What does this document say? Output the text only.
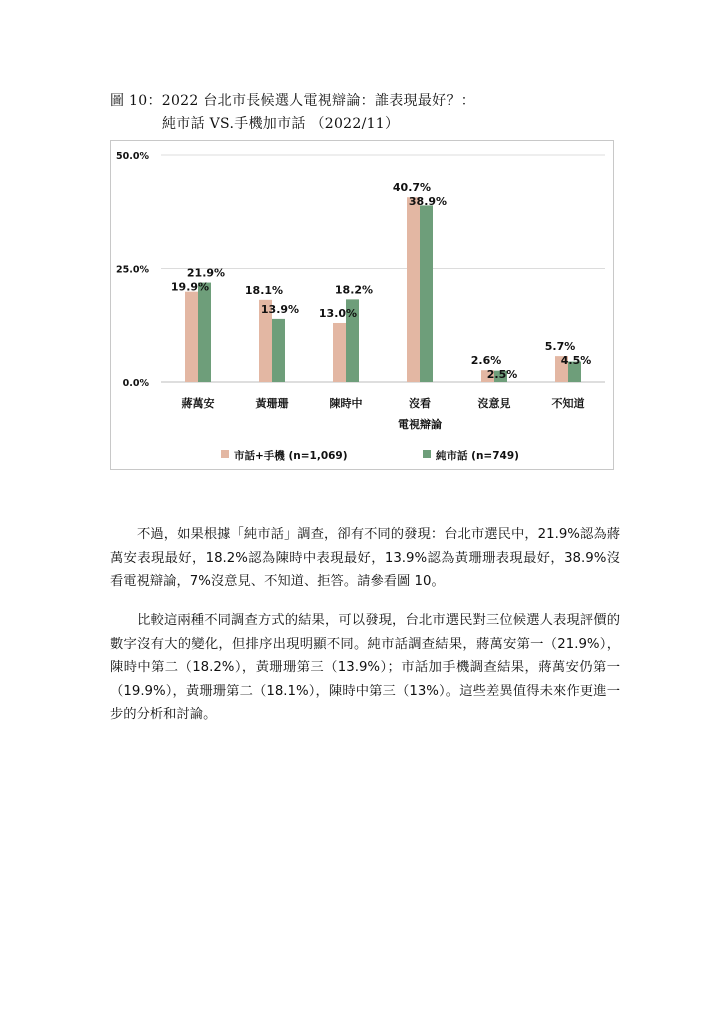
圖 10：2022 台北市長候選人電視辯論：誰表現最好？：
純市話 VS.手機加市話 （2022/11）
0.0%
25.0%
50.0%
19.9%
21.9%
蔣萬安
18.1%
13.9%
黃珊珊
13.0%
18.2%
陳時中
40.7%
38.9%
沒看
電視辯論
2.6%
2.5%
沒意見
5.7%
4.5%
不知道
市話+手機 (n=1,069)	純市話 (n=749)

不過，如果根據「純市話」調查，卻有不同的發現：台北市選民中，21.9%認為蔣萬安表現最好，18.2%認為陳時中表現最好，13.9%認為黃珊珊表現最好，38.9%沒看電視辯論，7%沒意見、不知道、拒答。請參看圖 10。

比較這兩種不同調查方式的結果，可以發現，台北市選民對三位候選人表現評價的數字沒有大的變化，但排序出現明顯不同。純市話調查結果，蔣萬安第一（21.9%），陳時中第二（18.2%），黃珊珊第三（13.9%）；市話加手機調查結果，蔣萬安仍第一（19.9%），黃珊珊第二（18.1%），陳時中第三（13%）。這些差異值得未來作更進一步的分析和討論。
